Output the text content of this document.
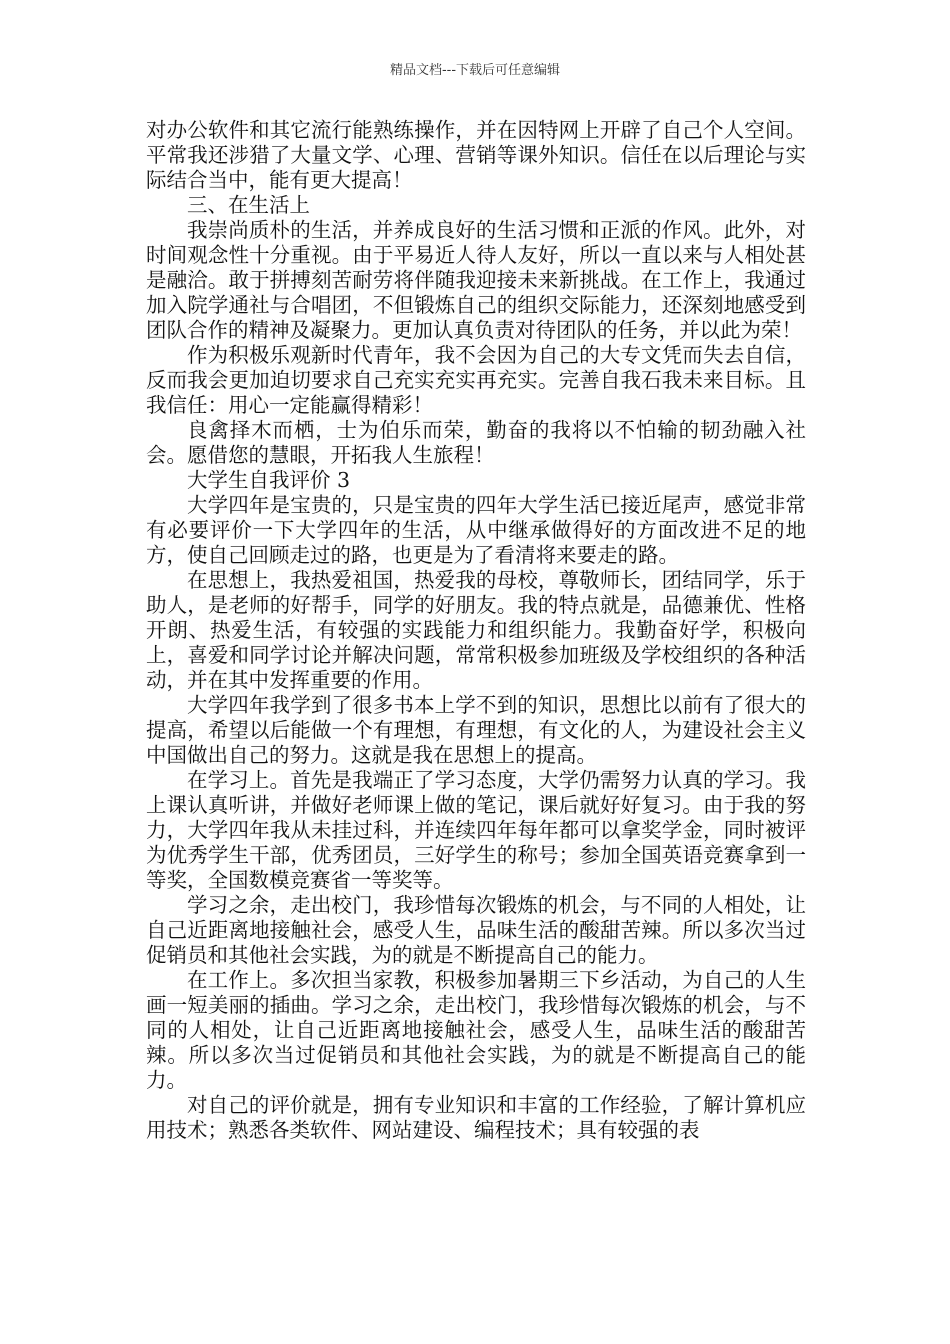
精品文档---下载后可任意编辑

对办公软件和其它流行能熟练操作，并在因特网上开辟了自己个人空间。平常我还涉猎了大量文学、心理、营销等课外知识。信任在以后理论与实际结合当中，能有更大提高！

三、在生活上

我崇尚质朴的生活，并养成良好的生活习惯和正派的作风。此外，对时间观念性十分重视。由于平易近人待人友好，所以一直以来与人相处甚是融洽。敢于拼搏刻苦耐劳将伴随我迎接未来新挑战。在工作上，我通过加入院学通社与合唱团，不但锻炼自己的组织交际能力，还深刻地感受到团队合作的精神及凝聚力。更加认真负责对待团队的任务，并以此为荣！

作为积极乐观新时代青年，我不会因为自己的大专文凭而失去自信，反而我会更加迫切要求自己充实充实再充实。完善自我石我未来目标。且我信任：用心一定能赢得精彩！

良禽择木而栖，士为伯乐而荣，勤奋的我将以不怕输的韧劲融入社会。愿借您的慧眼，开拓我人生旅程！

大学生自我评价 3

大学四年是宝贵的，只是宝贵的四年大学生活已接近尾声，感觉非常有必要评价一下大学四年的生活，从中继承做得好的方面改进不足的地方，使自己回顾走过的路，也更是为了看清将来要走的路。

在思想上，我热爱祖国，热爱我的母校，尊敬师长，团结同学，乐于助人，是老师的好帮手，同学的好朋友。我的特点就是，品德兼优、性格开朗、热爱生活，有较强的实践能力和组织能力。我勤奋好学，积极向上，喜爱和同学讨论并解决问题，常常积极参加班级及学校组织的各种活动，并在其中发挥重要的作用。

大学四年我学到了很多书本上学不到的知识，思想比以前有了很大的提高，希望以后能做一个有理想，有理想，有文化的人，为建设社会主义中国做出自己的努力。这就是我在思想上的提高。

在学习上。首先是我端正了学习态度，大学仍需努力认真的学习。我上课认真听讲，并做好老师课上做的笔记，课后就好好复习。由于我的努力，大学四年我从未挂过科，并连续四年每年都可以拿奖学金，同时被评为优秀学生干部，优秀团员，三好学生的称号；参加全国英语竞赛拿到一等奖，全国数模竞赛省一等奖等。

学习之余，走出校门，我珍惜每次锻炼的机会，与不同的人相处，让自己近距离地接触社会，感受人生，品味生活的酸甜苦辣。所以多次当过促销员和其他社会实践，为的就是不断提高自己的能力。

在工作上。多次担当家教，积极参加暑期三下乡活动，为自己的人生画一短美丽的插曲。学习之余，走出校门，我珍惜每次锻炼的机会，与不同的人相处，让自己近距离地接触社会，感受人生，品味生活的酸甜苦辣。所以多次当过促销员和其他社会实践，为的就是不断提高自己的能力。

对自己的评价就是，拥有专业知识和丰富的工作经验，了解计算机应用技术；熟悉各类软件、网站建设、编程技术；具有较强的表
